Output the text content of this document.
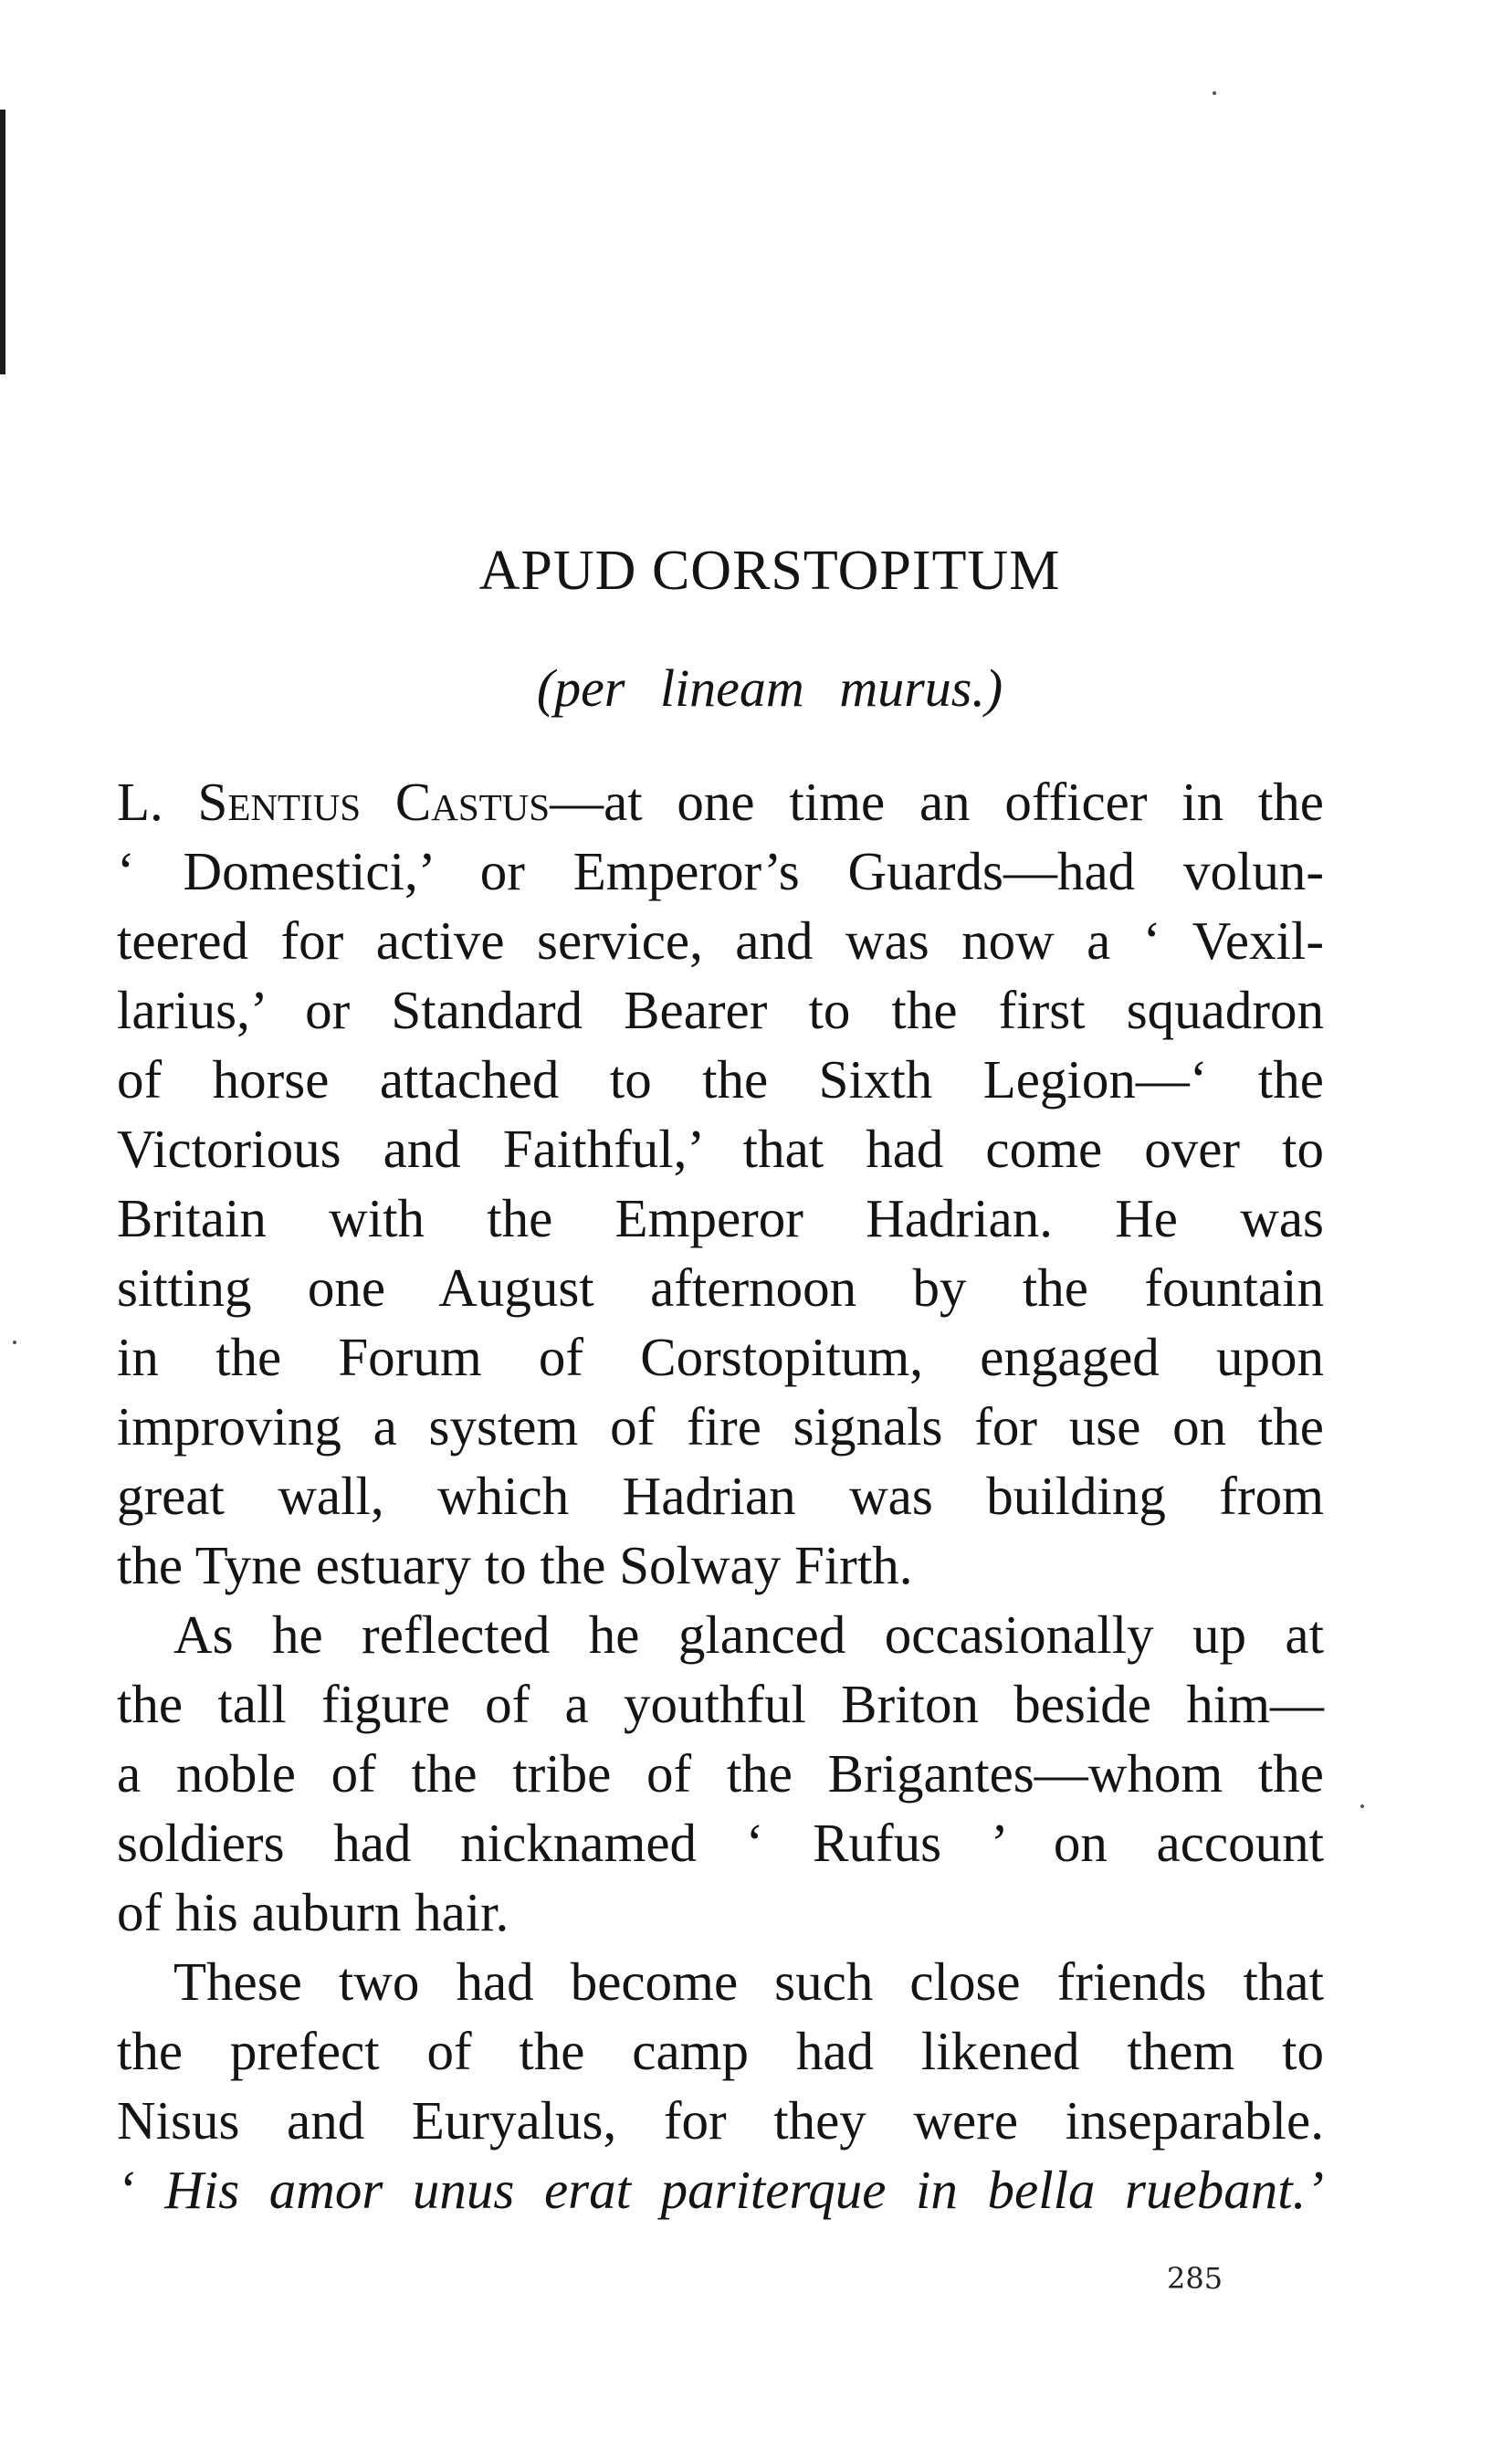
APUD CORSTOPITUM
(per lineam murus.)
L. Sentius Castus—at one time an officer in the
‘ Domestici,’ or Emperor’s Guards—had volun-
teered for active service, and was now a ‘ Vexil-
larius,’ or Standard Bearer to the first squadron
of horse attached to the Sixth Legion—‘ the
Victorious and Faithful,’ that had come over to
Britain with the Emperor Hadrian. He was
sitting one August afternoon by the fountain
in the Forum of Corstopitum, engaged upon
improving a system of fire signals for use on the
great wall, which Hadrian was building from
the Tyne estuary to the Solway Firth.
As he reflected he glanced occasionally up at
the tall figure of a youthful Briton beside him—
a noble of the tribe of the Brigantes—whom the
soldiers had nicknamed ‘ Rufus ’ on account
of his auburn hair.
These two had become such close friends that
the prefect of the camp had likened them to
Nisus and Euryalus, for they were inseparable.
‘ His amor unus erat pariterque in bella ruebant.’
285
